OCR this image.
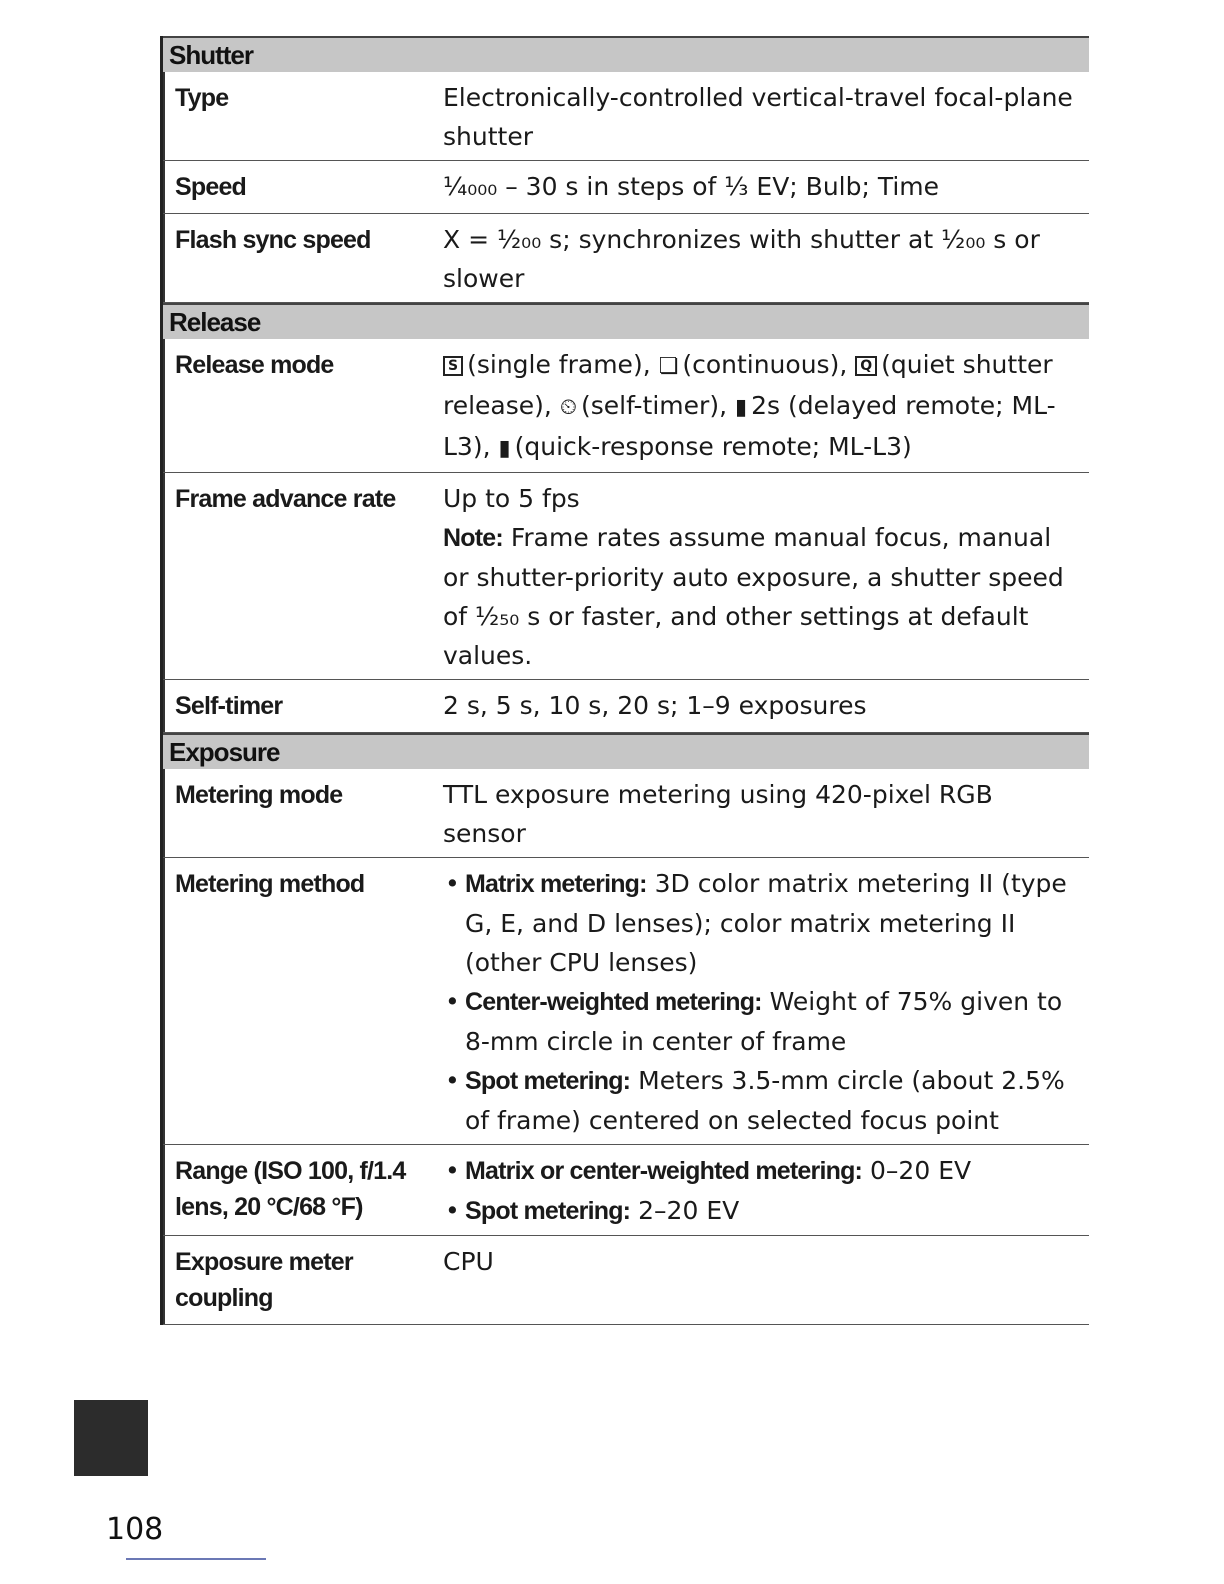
Shutter
Type	Electronically-controlled vertical-travel focal-plane shutter
Speed	¹⁄₄₀₀₀ – 30 s in steps of ¹⁄₃ EV; Bulb; Time
Flash sync speed	X = ¹⁄₂₀₀ s; synchronizes with shutter at ¹⁄₂₀₀ s or slower
Release
Release mode	S (single frame), ❏ (continuous), Q (quiet shutter release), ⏲ (self-timer), ▮ 2s (delayed remote; ML-L3), ▮ (quick-response remote; ML-L3)
Frame advance rate	Up to 5 fps
Note: Frame rates assume manual focus, manual or shutter-priority auto exposure, a shutter speed of ¹⁄₂₅₀ s or faster, and other settings at default values.
Self-timer	2 s, 5 s, 10 s, 20 s; 1–9 exposures
Exposure
Metering mode	TTL exposure metering using 420-pixel RGB sensor
Metering method
•	Matrix metering: 3D color matrix metering II (type G, E, and D lenses); color matrix metering II (other CPU lenses)
• Center-weighted metering: Weight of 75% given to 8-mm circle in center of frame
• Spot metering: Meters 3.5-mm circle (about 2.5% of frame) centered on selected focus point
Range (ISO 100, f/1.4 lens, 20 °C/68 °F)
• Matrix or center-weighted metering: 0–20 EV
• Spot metering: 2–20 EV
Exposure meter coupling
CPU
108
